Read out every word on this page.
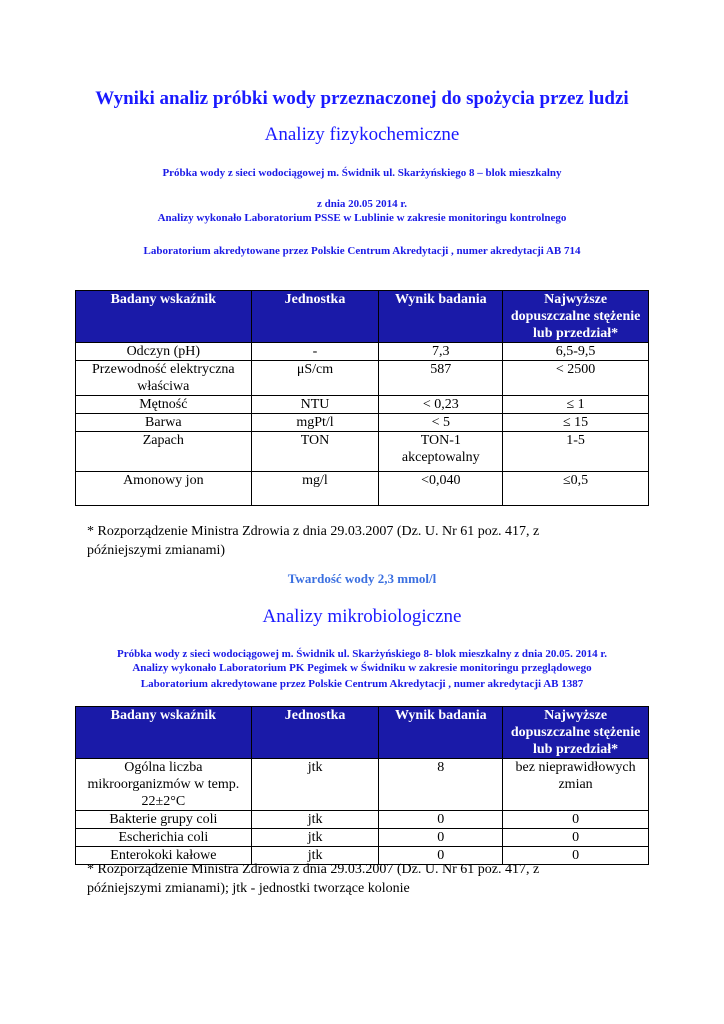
Wyniki analiz próbki wody przeznaczonej do spożycia przez ludzi
Analizy fizykochemiczne
Próbka wody z sieci wodociągowej m. Świdnik ul. Skarżyńskiego 8 – blok mieszkalny
z dnia 20.05 2014 r.
Analizy wykonało Laboratorium PSSE w Lublinie w zakresie monitoringu kontrolnego
Laboratorium akredytowane przez Polskie Centrum Akredytacji , numer akredytacji AB 714
Badany wskaźnik	Jednostka	Wynik badania	Najwyższe dopuszczalne stężenie lub przedział*
Odczyn (pH)	-	7,3	6,5-9,5
Przewodność elektryczna właściwa	μS/cm	587	< 2500
Mętność	NTU	< 0,23	≤ 1
Barwa	mgPt/l	< 5	≤ 15
Zapach	TON	TON-1 akceptowalny	1-5
Amonowy jon	mg/l	<0,040	≤0,5
* Rozporządzenie Ministra Zdrowia z dnia 29.03.2007 (Dz. U. Nr 61 poz. 417, z
późniejszymi zmianami)
Twardość wody 2,3 mmol/l
Analizy mikrobiologiczne
Próbka wody z sieci wodociągowej m. Świdnik ul. Skarżyńskiego 8- blok mieszkalny z dnia 20.05. 2014 r.
Analizy wykonało Laboratorium PK Pegimek w Świdniku w zakresie monitoringu przeglądowego
Laboratorium akredytowane przez Polskie Centrum Akredytacji , numer akredytacji AB 1387
Badany wskaźnik	Jednostka	Wynik badania	Najwyższe dopuszczalne stężenie lub przedział*
Ogólna liczba mikroorganizmów w temp. 22±2°C	jtk	8	bez nieprawidłowych zmian
Bakterie grupy coli	jtk	0	0
Escherichia coli	jtk	0	0
Enterokoki kałowe	jtk	0	0
* Rozporządzenie Ministra Zdrowia z dnia 29.03.2007 (Dz. U. Nr 61 poz. 417, z
późniejszymi zmianami); jtk - jednostki tworzące kolonie
